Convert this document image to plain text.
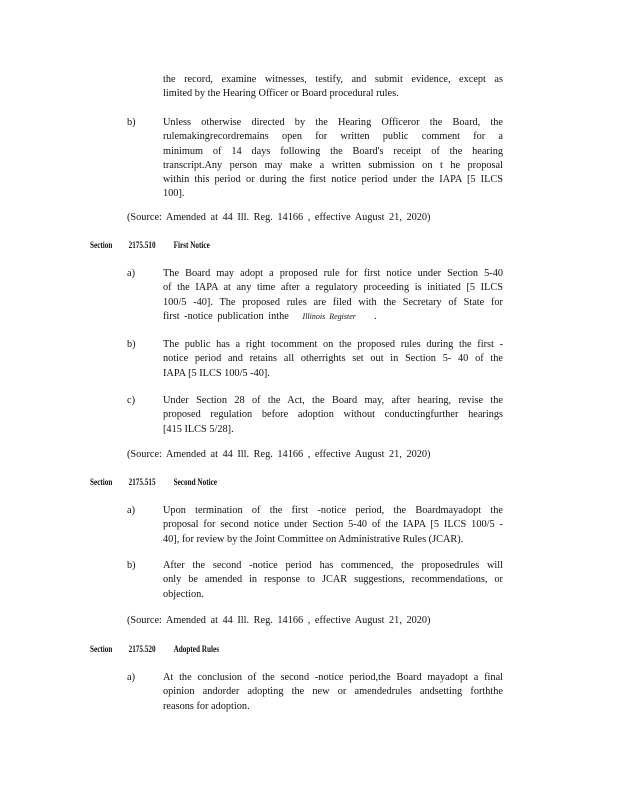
the record, examine witnesses, testify, and submit evidence, except as
limited by the Hearing Officer or Board procedural rules.
b)	Unless otherwise directed by the Hearing Officeror the Board, the
rulemakingrecordremains open for written public comment for a
minimum of 14 days following the Board's receipt of the hearing
transcript.Any person may make a written submission on t he proposal
within this period or during the first notice period under the IAPA [5 ILCS
100].
(Source: Amended at 44 Ill. Reg. 14166 , effective August 21, 2020)
Section 2175.510 First Notice
a)	The Board may adopt a proposed rule for first notice under Section 5-40
of the IAPA at any time after a regulatory proceeding is initiated [5 ILCS
100/5 -40]. The proposed rules are filed with the Secretary of State for
first -notice publication inthe Illinois Register .
b)	The public has a right tocomment on the proposed rules during the first -
notice period and retains all otherrights set out in Section 5- 40 of the
IAPA [5 ILCS 100/5 -40].
c)	Under Section 28 of the Act, the Board may, after hearing, revise the
proposed regulation before adoption without conductingfurther hearings
[415 ILCS 5/28].
(Source: Amended at 44 Ill. Reg. 14166 , effective August 21, 2020)
Section 2175.515 Second Notice
a)	Upon termination of the first -notice period, the Boardmayadopt the
proposal for second notice under Section 5-40 of the IAPA [5 ILCS 100/5 -
40], for review by the Joint Committee on Administrative Rules (JCAR).
b)	After the second -notice period has commenced, the proposedrules will
only be amended in response to JCAR suggestions, recommendations, or
objection.
(Source: Amended at 44 Ill. Reg. 14166 , effective August 21, 2020)
Section 2175.520 Adopted Rules
a)	At the conclusion of the second -notice period,the Board mayadopt a final
opinion andorder adopting the new or amendedrules andsetting forththe
reasons for adoption.
